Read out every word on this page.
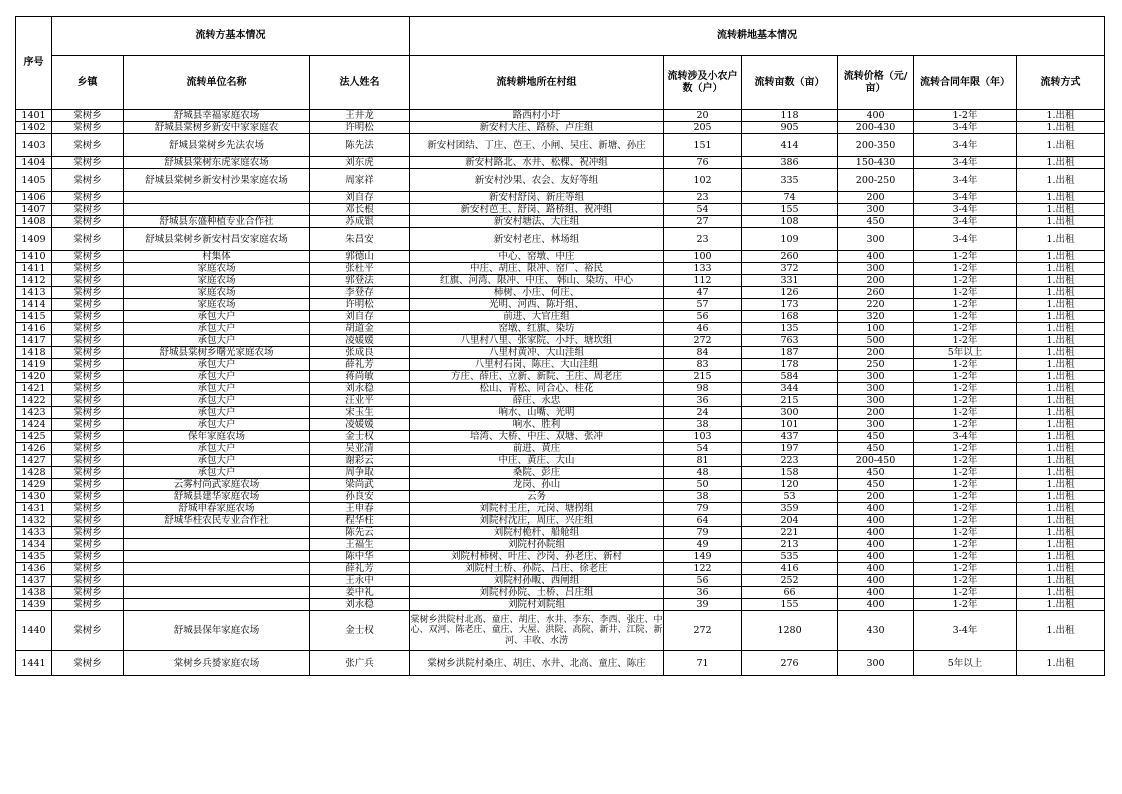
序号	流转方基本情况			流转耕地基本情况					
	乡镇	流转单位名称	法人姓名	流转耕地所在村组	流转涉及小农户数（户）	流转亩数（亩）	流转价格（元/亩）	流转合同年限（年）	流转方式
1401	棠树乡	舒城县幸福家庭农场	王井龙	路西村小圩	20	118	400	1-2年	1.出租
1402	棠树乡	舒城县棠树乡新安中家家庭农	许明松	新安村大庄、路桥、卢庄组	205	905	200-430	3-4年	1.出租
1403	棠树乡	舒城县棠树乡先法农场	陈先法	新安村团结、丁庄、芭王、小闸、吴庄、新塘、孙庄	151	414	200-350	3-4年	1.出租
1404	棠树乡	舒城县棠树东虎家庭农场	刘东虎	新安村路北、水井、松棵、祝冲组	76	386	150-430	3-4年	1.出租
1405	棠树乡	舒城县棠树乡新安村沙果家庭农场	周家祥	新安村沙果、农会、友好等组	102	335	200-250	3-4年	1.出租
1406	棠树乡		刘自存	新安村舒岗、新庄等组	23	74	200	3-4年	1.出租
1407	棠树乡		邓长根	新安村芭王、舒岗、路桥组、祝冲组	54	155	300	3-4年	1.出租
1408	棠树乡	舒城县东盛种植专业合作社	苏成银	新安村塘法、大庄组	27	108	450	3-4年	1.出租
1409	棠树乡	舒城县棠树乡新安村昌安家庭农场	朱昌安	新安村老庄、林场组	23	109	300	3-4年	1.出租
1410	棠树乡	村集体	郭德山	中心、窑墩、中庄	100	260	400	1-2年	1.出租
1411	棠树乡	家庭农场	张杜平	中庄、胡庄、限冲、窑厂、裕民	133	372	300	1-2年	1.出租
1412	棠树乡	家庭农场	郭登法	红旗、河湾、限冲、中庄、 韩山、染坊、中心	112	331	200	1-2年	1.出租
1413	棠树乡	家庭农场	李登存	柿树、小庄、何庄、	47	126	260	1-2年	1.出租
1414	棠树乡	家庭农场	许明松	光明、河西、陈圩组、	57	173	220	1-2年	1.出租
1415	棠树乡	承包大户	刘自存	前进、大官庄组	56	168	320	1-2年	1.出租
1416	棠树乡	承包大户	胡道金	窑墩、红旗、染坊	46	135	100	1-2年	1.出租
1417	棠树乡	承包大户	凌媛媛	八里村八里、张家院、小圩、塘坎组	272	763	500	1-2年	1.出租
1418	棠树乡	舒城县棠树乡曙光家庭农场	张成良	八里村黄冲、大山洼组	84	187	200	5年以上	1.出租
1419	棠树乡	承包大户	薛礼芳	八里村石岗、陈庄、大山洼组	83	178	250	1-2年	1.出租
1420	棠树乡	承包大户	蒋尚敏	方庄、薛庄、立新、新院、王庄、周老庄	215	584	300	1-2年	1.出租
1421	棠树乡	承包大户	刘永稳	松山、青松、同合心、桂花	98	344	300	1-2年	1.出租
1422	棠树乡	承包大户	汪业平	薛庄、永忠	36	215	300	1-2年	1.出租
1423	棠树乡	承包大户	宋玉生	响水、山嘴、光明	24	300	200	1-2年	1.出租
1424	棠树乡	承包大户	凌媛媛	响水、胜利	38	101	300	1-2年	1.出租
1425	棠树乡	保年家庭农场	金士权	培湾、大桥、中庄、双塘、张冲	103	437	450	3-4年	1.出租
1426	棠树乡	承包大户	吴亚清	前进、黄庄	54	197	450	1-2年	1.出租
1427	棠树乡	承包大户	谢彩云	中庄、黄庄、大山	81	223	200-450	1-2年	1.出租
1428	棠树乡	承包大户	周争取	桑院、彭庄	48	158	450	1-2年	1.出租
1429	棠树乡	云雾村尚武家庭农场	梁尚武	龙岗、孙山	50	120	450	1-2年	1.出租
1430	棠树乡	舒城县建华家庭农场	孙良安	云务	38	53	200	1-2年	1.出租
1431	棠树乡	舒城申春家庭农场	王申春	刘院村王庄，元岗、塘拐组	79	359	400	1-2年	1.出租
1432	棠树乡	舒城华柱农民专业合作社	程华柱	刘院村沈庄，周庄、兴庄组	64	204	400	1-2年	1.出租
1433	棠树乡		陈先云	刘院村桅杆、船舱组	79	221	400	1-2年	1.出租
1434	棠树乡		王福生	刘院村孙院组	49	213	400	1-2年	1.出租
1435	棠树乡		陈中华	刘院村柿树、叶庄、沙岗、孙老庄、新村	149	535	400	1-2年	1.出租
1436	棠树乡		薛礼芳	刘院村土桥、孙院、吕庄、徐老庄	122	416	400	1-2年	1.出租
1437	棠树乡		王永中	刘院村孙畈、西闸组	56	252	400	1-2年	1.出租
1438	棠树乡		姜中礼	刘院村孙院、土桥、吕庄组	36	66	400	1-2年	1.出租
1439	棠树乡		刘永稳	刘院村刘院组	39	155	400	1-2年	1.出租
1440	棠树乡	舒城县保年家庭农场	金士权	棠树乡洪院村北高、童庄、胡庄、水井、李东、李西、张庄、中心、双河、陈老庄、童庄、大屋、洪院、高院、新井、江院、新河、丰收、水涝	272	1280	430	3-4年	1.出租
1441	棠树乡	棠树乡兵赟家庭农场	张广兵	棠树乡洪院村桑庄、胡庄、水井、北高、童庄、陈庄	71	276	300	5年以上	1.出租
